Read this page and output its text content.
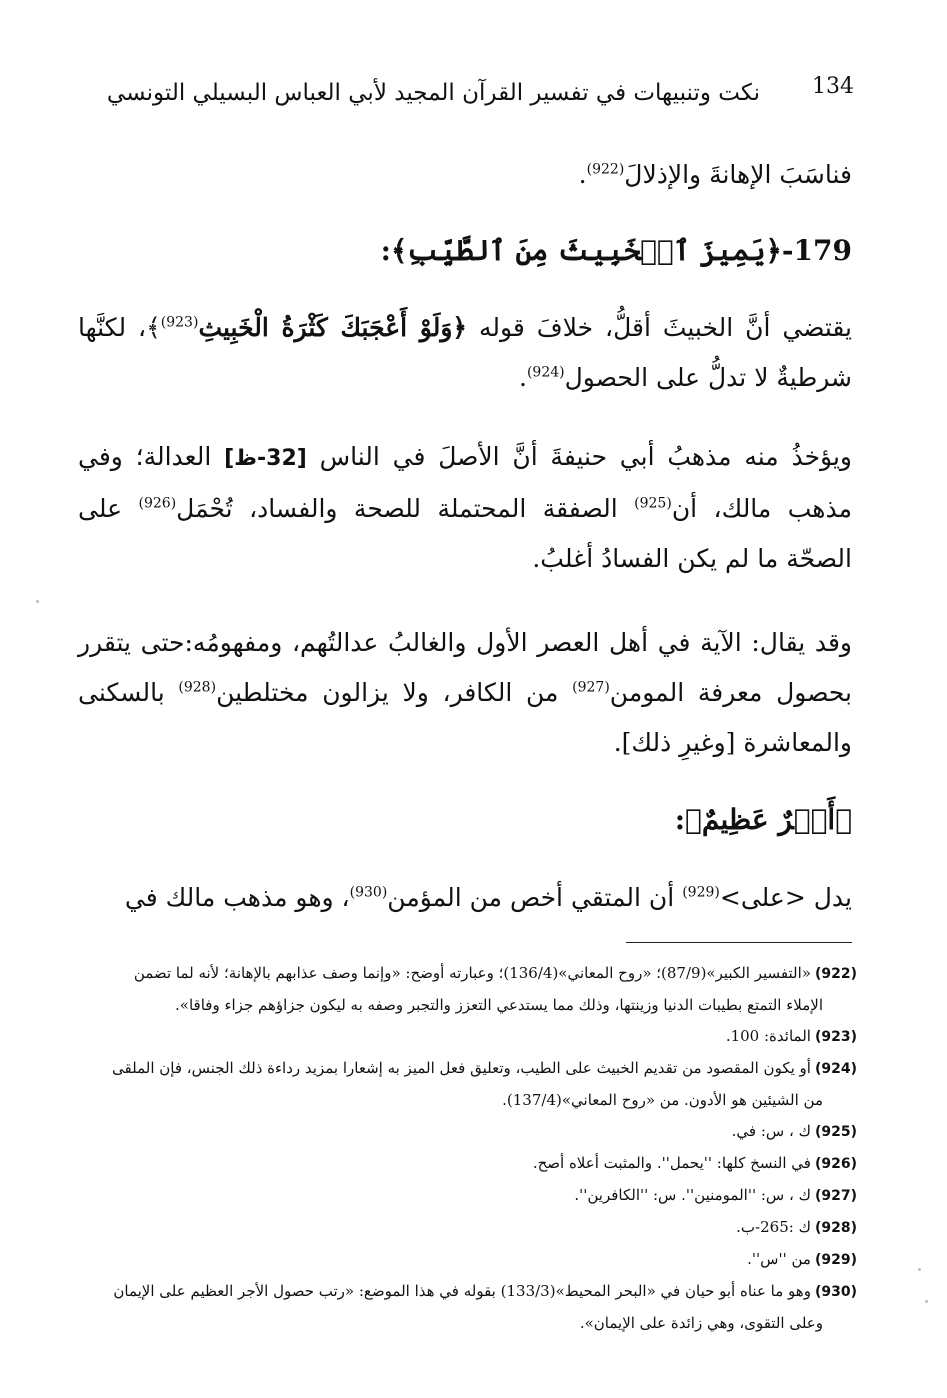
134
نكت وتنبيهات في تفسير القرآن المجيد لأبي العباس البسيلي التونسي

فناسَبَ الإهانةَ والإذلالَ$^{(922)}$.

179-﴿يَمِيزَ ٱلۡخَبِيثَ مِنَ ٱلطَّيِّبِ﴾:
يقتضي أنَّ الخبيثَ أقلُّ، خلافَ قوله ﴿وَلَوْ أَعْجَبَكَ كَثْرَةُ الْخَبِيثِ$^{(923)}$﴾، لكنَّها شرطيةٌ لا تدلُّ على الحصول$^{(924)}$.
ويؤخذُ منه مذهبُ أبي حنيفةَ أنَّ الأصلَ في الناس [32-ظ] العدالة؛ وفي مذهب مالك، أن$^{(925)}$ الصفقة المحتملة للصحة والفساد، تُحْمَل$^{(926)}$ على الصحّة ما لم يكن الفسادُ أغلبُ.
وقد يقال: الآية في أهل العصر الأول والغالبُ عدالتُهم، ومفهومُه:حتى يتقرر بحصول معرفة المومن$^{(927)}$ من الكافر، ولا يزالون مختلطين$^{(928)}$ بالسكنى والمعاشرة [وغيرِ ذلك].
﴿أَجۡرٌ عَظِيمٌ﴾:
يدل <على>$^{(929)}$ أن المتقي أخص من المؤمن$^{(930)}$، وهو مذهب مالك في

(922)«التفسير الكبير»(87/9)؛ «روح المعاني»(136/4)؛ وعبارته أوضح: «وإنما وصف عذابهم بالإهانة؛ لأنه لما تضمن

الإملاء التمتع بطيبات الدنيا وزينتها، وذلك مما يستدعي التعزز والتجبر وصفه به ليكون جزاؤهم جزاء وفاقا».

(923)المائدة: 100.

(924)أو يكون المقصود من تقديم الخبيث على الطيب، وتعليق فعل الميز به إشعارا بمزيد رداءة ذلك الجنس، فإن الملقى

من الشيئين هو الأدون. من «روح المعاني»(137/4).

(925)ك ، س: في.

(926)في النسخ كلها: ''يحمل''. والمثبت أعلاه أصح.

(927)ك ، س: ''المومنين''. س: ''الكافرين''.

(928)ك :265-ب.

(929)من ''س''.

(930)وهو ما عناه أبو حيان في «البحر المحيط»(133/3) بقوله في هذا الموضع: «رتب حصول الأجر العظيم على الإيمان

وعلى التقوى، وهي زائدة على الإيمان».
